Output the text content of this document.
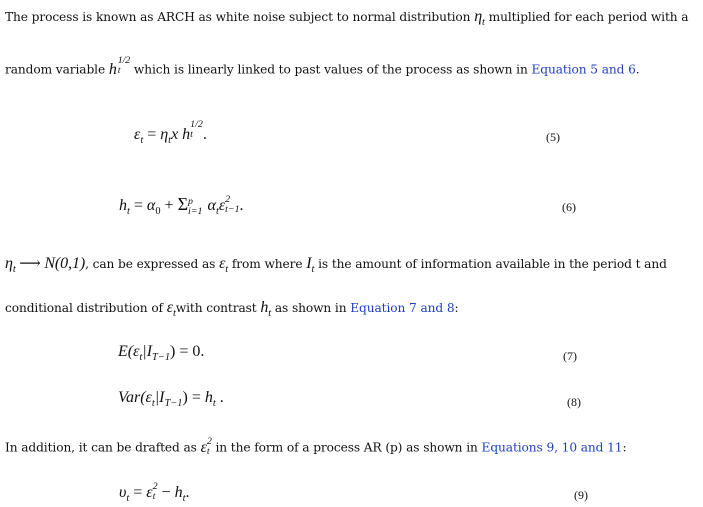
The process is known as ARCH as white noise subject to normal distribution $\eta_t$ multiplied for each period with a
random variable h
1/2
t	which is linearly linked to past values of the process as shown in Equation 5 and 6.
$\varepsilon_t = \eta_tx$ h
1/2
t .	(5)
$h_t = \alpha_0 + \Sigma$ p
i=1 $\alpha_t\varepsilon$ 2
t−1 .	(6)
$\eta_t$ ⟶ N(0,1), can be expressed as $\varepsilon_t$ from where $I_t$ is the amount of information available in the period t and
conditional distribution of $\varepsilon_twith$ contrast $h_t$ as shown in Equation 7 and 8:
$E(\varepsilon_t|I_{T-1}) = 0$.	(7)
$Var(\varepsilon_t|I_{T-1}) = h_t$ .	(8)
In addition, it can be drafted as ε 2
t in the form of a process AR (p) as shown in Equations 9, 10 and 11:
$\upsilon_t = \varepsilon$ 2
$t - h_t$.	(9)
